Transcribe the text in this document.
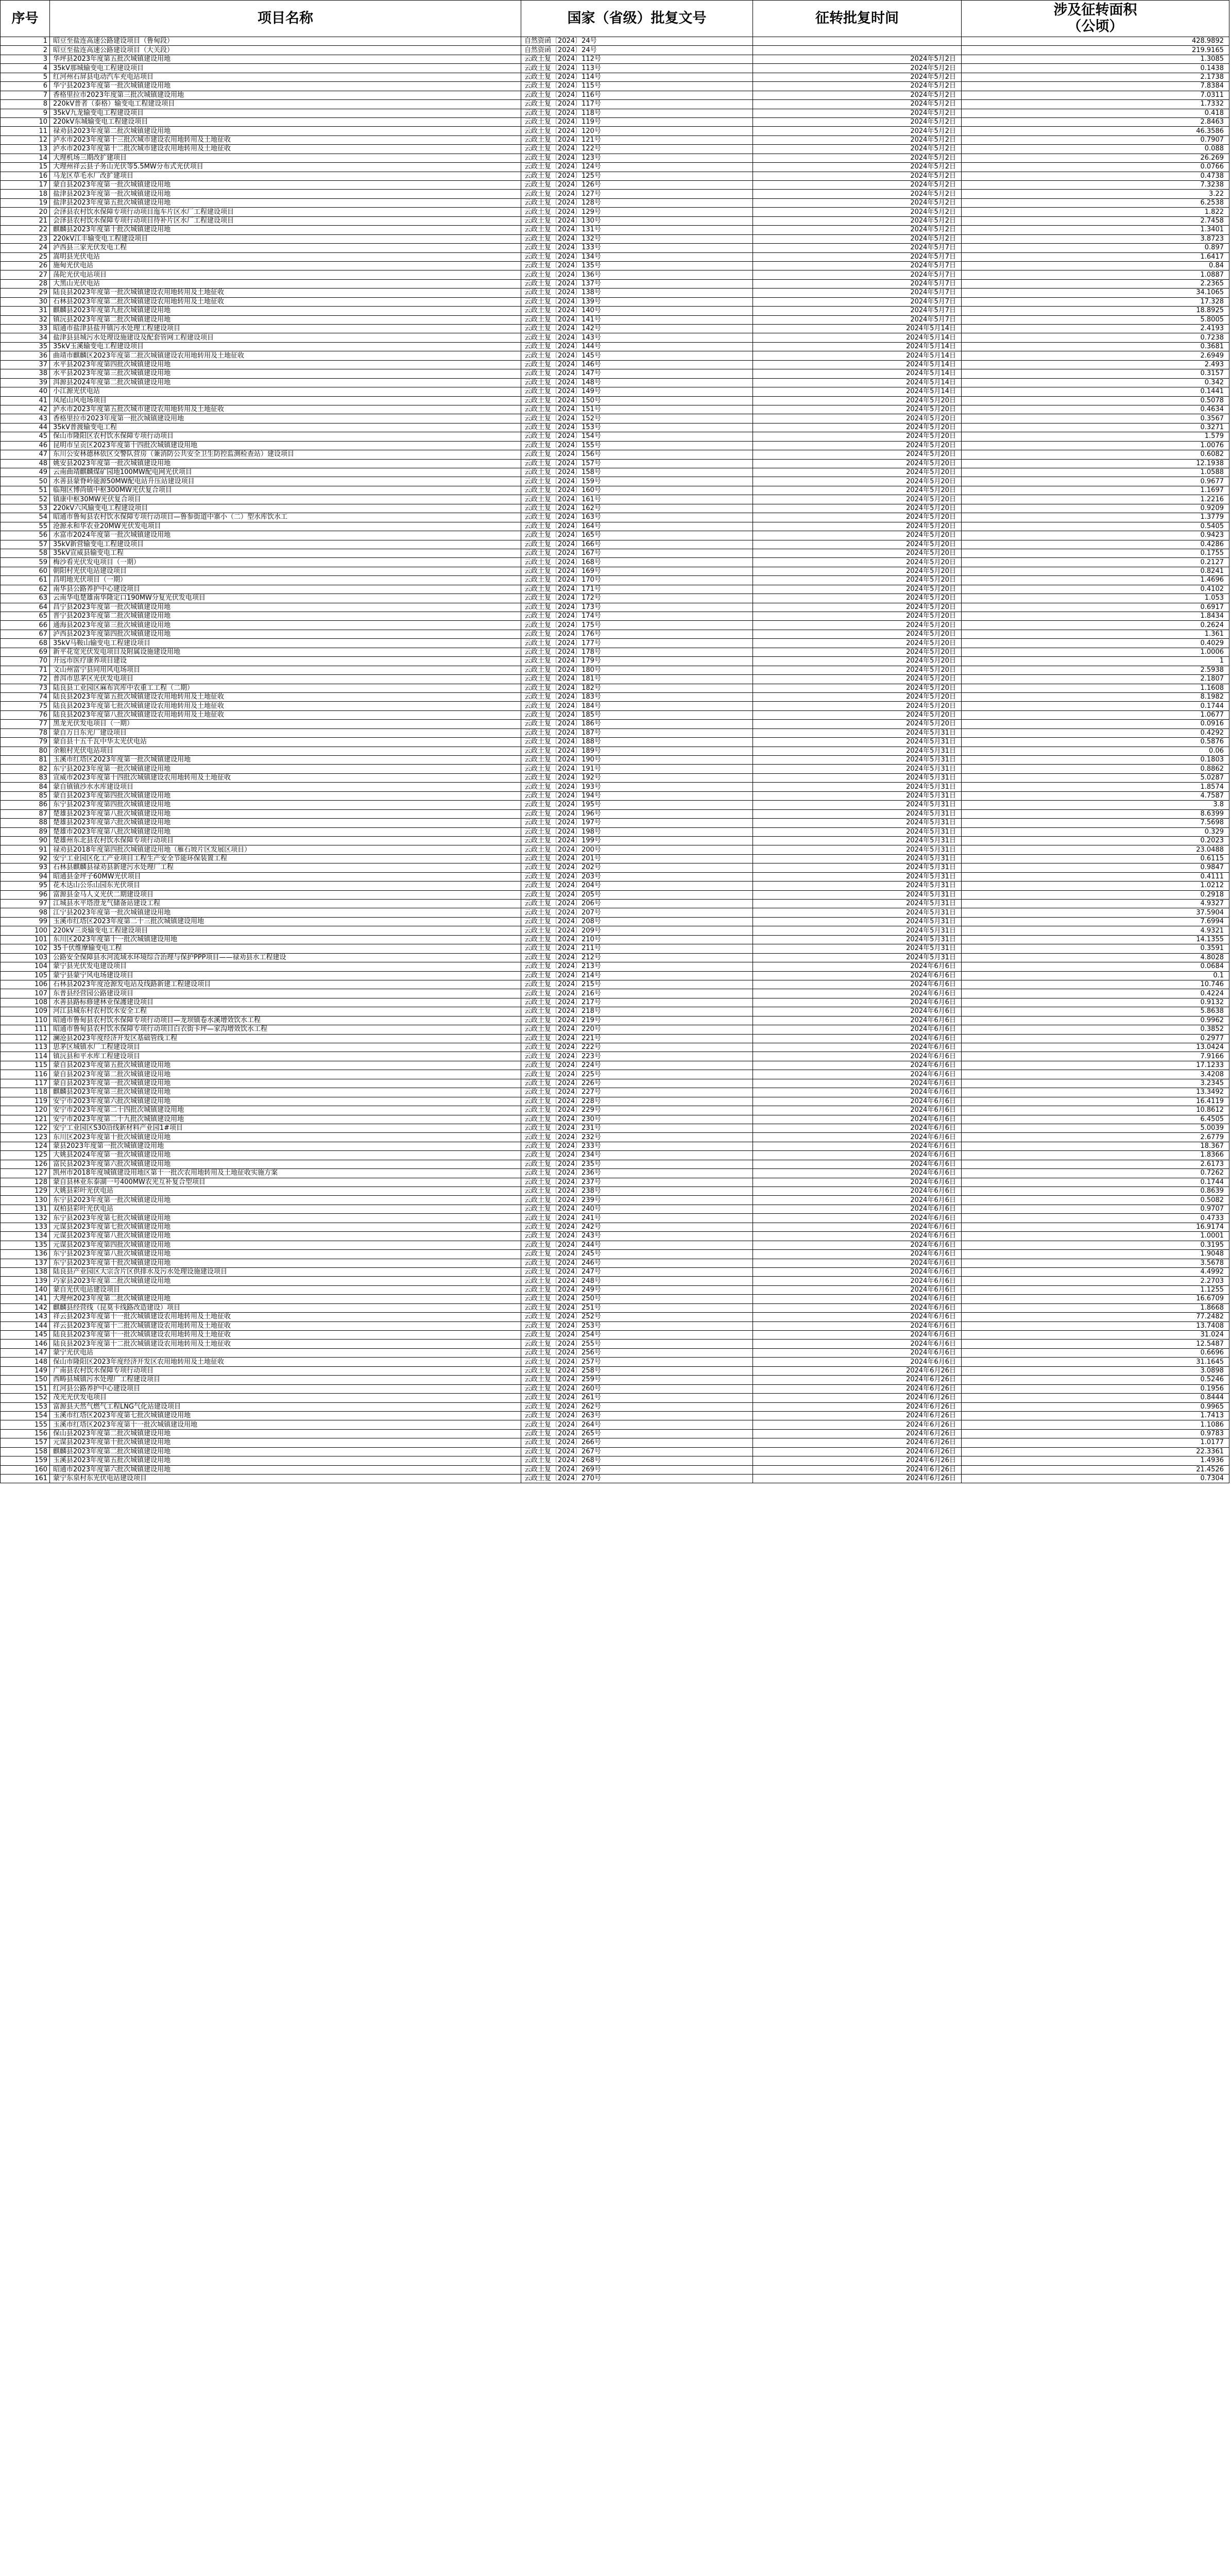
序号	项目名称	国家（省级）批复文号	征转批复时间	涉及征转面积
（公顷）

1	昭豆至盐连高速公路建设项目（鲁甸段）	自然资函〔2024〕24号		428.9892
2	昭豆至盐连高速公路建设项目（大关段）	自然资函〔2024〕24号		219.9165
3	华坪县2023年度第五批次城镇建设用地	云政土复〔2024〕112号	2024年5月2日	1.3085
4	35kV那城输变电工程建设项目	云政土复〔2024〕113号	2024年5月2日	0.1438
5	红河州石屏县电动汽车充电站项目	云政土复〔2024〕114号	2024年5月2日	2.1738
6	华宁县2023年度第一批次城镇建设用地	云政土复〔2024〕115号	2024年5月2日	7.8384
7	香格里拉市2023年度第三批次城镇建设用地	云政土复〔2024〕116号	2024年5月2日	7.0311
8	220kV普者（泰格）输变电工程建设项目	云政土复〔2024〕117号	2024年5月2日	1.7332
9	35kV九龙输变电工程建设项目	云政土复〔2024〕118号	2024年5月2日	0.418
10	220kV东城输变电工程建设项目	云政土复〔2024〕119号	2024年5月2日	2.8463
11	禄劝县2023年度第二批次城镇建设用地	云政土复〔2024〕120号	2024年5月2日	46.3586
12	泸水市2023年度第十三批次城市建设农用地转用及土地征收	云政土复〔2024〕121号	2024年5月2日	0.7907
13	泸水市2023年度第十二批次城市建设农用地转用及土地征收	云政土复〔2024〕122号	2024年5月2日	0.088
14	大理机场三期改扩建项目	云政土复〔2024〕123号	2024年5月2日	26.269
15	大理州祥云县子务山光伏等5.5MW分布式光伏项目	云政土复〔2024〕124号	2024年5月2日	0.0766
16	马龙区草毛水厂改扩建项目	云政土复〔2024〕125号	2024年5月2日	0.4738
17	蒙自县2023年度第一批次城镇建设用地	云政土复〔2024〕126号	2024年5月2日	7.3238
18	盐津县2023年度第一批次城镇建设用地	云政土复〔2024〕127号	2024年5月2日	3.22
19	盐津县2023年度第五批次城镇建设用地	云政土复〔2024〕128号	2024年5月2日	6.2538
20	会泽县农村饮水保障专项行动项目迤车片区水厂工程建设项目	云政土复〔2024〕129号	2024年5月2日	1.822
21	会泽县农村饮水保障专项行动项目待补片区水厂工程建设项目	云政土复〔2024〕130号	2024年5月2日	2.7458
22	麒麟县2023年度第十批次城镇建设用地	云政土复〔2024〕131号	2024年5月2日	1.3401
23	220kV江丰输变电工程建设项目	云政土复〔2024〕132号	2024年5月2日	3.8723
24	泸西县三家光伏发电工程	云政土复〔2024〕133号	2024年5月7日	0.897
25	嵩明县光伏电站	云政土复〔2024〕134号	2024年5月7日	1.6417
26	施甸光伏电站	云政土复〔2024〕135号	2024年5月7日	0.84
27	荡陀光伏电站项目	云政土复〔2024〕136号	2024年5月7日	1.0887
28	大黑山光伏电站	云政土复〔2024〕137号	2024年5月7日	2.2365
29	陆良县2023年度第一批次城镇建设农用地转用及土地征收	云政土复〔2024〕138号	2024年5月7日	34.1065
30	石林县2023年度第二批次城镇建设农用地转用及土地征收	云政土复〔2024〕139号	2024年5月7日	17.328
31	麒麟县2023年度第九批次城镇建设用地	云政土复〔2024〕140号	2024年5月7日	18.8925
32	镇沅县2023年度第二批次城镇建设用地	云政土复〔2024〕141号	2024年5月7日	5.8005
33	昭通市盐津县盐井镇污水处理工程建设项目	云政土复〔2024〕142号	2024年5月14日	2.4193
34	盐津县县城污水处理设施建设及配套管网工程建设项目	云政土复〔2024〕143号	2024年5月14日	0.7238
35	35kV玉溪输变电工程建设项目	云政土复〔2024〕144号	2024年5月14日	0.3681
36	曲靖市麒麟区2023年度第二批次城镇建设农用地转用及土地征收	云政土复〔2024〕145号	2024年5月14日	2.6949
37	水平县2023年度第四批次城镇建设用地	云政土复〔2024〕146号	2024年5月14日	2.493
38	水平县2023年度第三批次城镇建设用地	云政土复〔2024〕147号	2024年5月14日	0.3157
39	洱源县2024年度第二批次城镇建设用地	云政土复〔2024〕148号	2024年5月14日	0.342
40	小江源光伏电站	云政土复〔2024〕149号	2024年5月14日	0.1441
41	凤尾山风电场项目	云政土复〔2024〕150号	2024年5月20日	0.5078
42	泸水市2023年度第五批次城市建设农用地转用及土地征收	云政土复〔2024〕151号	2024年5月20日	0.4634
43	香格里拉市2023年度第一批次城镇建设用地	云政土复〔2024〕152号	2024年5月20日	0.3567
44	35kV普渡输变电工程	云政土复〔2024〕153号	2024年5月20日	0.3271
45	保山市隆阳区农村饮水保障专项行动项目	云政土复〔2024〕154号	2024年5月20日	1.579
46	昆明市呈贡区2023年度第十四批次城镇建设用地	云政土复〔2024〕155号	2024年5月20日	1.0076
47	东川公安林德林依区交警队营房（兼消防公共安全卫生防控监测检查站）建设项目	云政土复〔2024〕156号	2024年5月20日	0.6082
48	姚安县2023年度第一批次城镇建设用地	云政土复〔2024〕157号	2024年5月20日	12.1938
49	云南曲靖麒麟煤矿园地100MW配电网光伏项目	云政土复〔2024〕158号	2024年5月20日	1.0588
50	水善县蒙脊岭能源50MW配电站升压站建设项目	云政土复〔2024〕159号	2024年5月20日	0.9677
51	临翔区博尚镇中枢300MW光伏复合项目	云政土复〔2024〕160号	2024年5月20日	1.1697
52	镇康中枢30MW光伏复合项目	云政土复〔2024〕161号	2024年5月20日	1.2216
53	220kV六风输变电工程建设项目	云政土复〔2024〕162号	2024年5月20日	0.9209
54	昭通市鲁甸县农村饮水保障专项行动项目—鲁参街道中寨小（二）型水库饮水工	云政土复〔2024〕163号	2024年5月20日	1.3779
55	沧源永和华农业20MW光伏发电项目	云政土复〔2024〕164号	2024年5月20日	0.5405
56	水富市2024年度第一批次城镇建设用地	云政土复〔2024〕165号	2024年5月20日	0.9423
57	35kV新营输变电工程建设项目	云政土复〔2024〕166号	2024年5月20日	0.4286
58	35kV宣威县输变电工程	云政土复〔2024〕167号	2024年5月20日	0.1755
59	梅沙看光伏发电项目（一期）	云政土复〔2024〕168号	2024年5月20日	0.2127
60	朝阳村光伏电站建设项目	云政土复〔2024〕169号	2024年5月20日	0.8241
61	昌明地光伏项目（一期）	云政土复〔2024〕170号	2024年5月20日	1.4696
62	南华县公路养护中心建设项目	云政土复〔2024〕171号	2024年5月20日	0.4102
63	云南华电楚雄南华隆定口190MW分复光伏发电项目	云政土复〔2024〕172号	2024年5月20日	1.053
64	昌宁县2023年度第一批次城镇建设用地	云政土复〔2024〕173号	2024年5月20日	0.6917
65	晋宁县2023年度第二批次城镇建设用地	云政土复〔2024〕174号	2024年5月20日	1.8434
66	通海县2023年度第三批次城镇建设用地	云政土复〔2024〕175号	2024年5月20日	0.2624
67	泸西县2023年度第四批次城镇建设用地	云政土复〔2024〕176号	2024年5月20日	1.361
68	35kV马鞍山输变电工程建设项目	云政土复〔2024〕177号	2024年5月20日	0.4029
69	新平花宽光伏发电项目及附属设施建设用地	云政土复〔2024〕178号	2024年5月20日	1.0006
70	开远市医疗康养项目建设	云政土复〔2024〕179号	2024年5月20日	1
71	文山州富宁县同用风电场项目	云政土复〔2024〕180号	2024年5月20日	2.5938
72	普洱市思茅区光伏发电项目	云政土复〔2024〕181号	2024年5月20日	2.1807
73	陆良县工业园区麻布宾库中农重工工程（二期）	云政土复〔2024〕182号	2024年5月20日	1.1608
74	陆良县2023年度第五批次城镇建设农用地转用及土地征收	云政土复〔2024〕183号	2024年5月20日	8.1982
75	陆良县2023年度第七批次城镇建设农用地转用及土地征收	云政土复〔2024〕184号	2024年5月20日	0.1744
76	陆良县2023年度第八批次城镇建设农用地转用及土地征收	云政土复〔2024〕185号	2024年5月20日	1.0677
77	黑龙光伏发电项目（一期）	云政土复〔2024〕186号	2024年5月20日	0.0916
78	蒙自万日东光厂建设项目	云政土复〔2024〕187号	2024年5月31日	0.4292
79	蒙自县十五千瓦中华太光伏电站	云政土复〔2024〕188号	2024年5月31日	0.5876
80	余粮村光伏电站项目	云政土复〔2024〕189号	2024年5月31日	0.06
81	玉溪市红塔区2023年度第一批次城镇建设用地	云政土复〔2024〕190号	2024年5月31日	0.1803
82	东宁县2023年度第一批次城镇建设用地	云政土复〔2024〕191号	2024年5月31日	0.8862
83	宣威市2023年度第十四批次城镇建设农用地转用及土地征收	云政土复〔2024〕192号	2024年5月31日	5.0287
84	蒙自镇镇沙水水库建设项目	云政土复〔2024〕193号	2024年5月31日	1.8574
85	蒙自县2023年度第四批次城镇建设用地	云政土复〔2024〕194号	2024年5月31日	4.7587
86	东宁县2023年度第四批次城镇建设用地	云政土复〔2024〕195号	2024年5月31日	3.8
87	楚雄县2023年度第八批次城镇建设用地	云政土复〔2024〕196号	2024年5月31日	8.6399
88	楚雄县2023年度第六批次城镇建设用地	云政土复〔2024〕197号	2024年5月31日	7.5698
89	楚雄市2023年度第八批次城镇建设用地	云政土复〔2024〕198号	2024年5月31日	0.329
90	楚雄州东北县农村饮水保障专项行动项目	云政土复〔2024〕199号	2024年5月31日	0.2023
91	禄劝县2018年度第四批次城镇建设用地（雁石坡片区发展区项目）	云政土复〔2024〕200号	2024年5月31日	23.0488
92	安宁工业园区化工产业项目工程生产安全节能环保装置工程	云政土复〔2024〕201号	2024年5月31日	0.6115
93	石林县麒麟县禄劝县新建污水处理厂工程	云政土复〔2024〕202号	2024年5月31日	0.9847
94	昭通县金坪子60MW光伏项目	云政土复〔2024〕203号	2024年5月31日	0.4111
95	花木达山公乐山园东光伏项目	云政土复〔2024〕204号	2024年5月31日	1.0212
96	富源县金马人义光伏二期建设项目	云政土复〔2024〕205号	2024年5月31日	0.2918
97	江城县水平塔澄龙气储备站建设工程	云政土复〔2024〕206号	2024年5月31日	4.9327
98	江宁县2023年度第一批次城镇建设用地	云政土复〔2024〕207号	2024年5月31日	37.5904
99	玉溪市红塔区2023年度第二十三批次城镇建设用地	云政土复〔2024〕208号	2024年5月31日	7.6994
100	220kV三炎输变电工程建设项目	云政土复〔2024〕209号	2024年5月31日	4.9321
101	东川区2023年度第十一批次城镇建设用地	云政土复〔2024〕210号	2024年5月31日	14.1355
102	35千伏维摩输变电工程	云政土复〔2024〕211号	2024年5月31日	0.3591
103	公路安全保障县水河流域水环境综合治理与保护PPP项目——禄劝县水工程建设	云政土复〔2024〕212号	2024年5月31日	4.8028
104	蒙宁县光伏发电建设项目	云政土复〔2024〕213号	2024年6月6日	0.0684
105	蒙宁县蒙宁风电场建设项目	云政土复〔2024〕214号	2024年6月6日	0.1
106	石林县2023年度沧源发电站及线路新建工程建设项目	云政土复〔2024〕215号	2024年6月6日	10.746
107	东普县经营园公路建设项目	云政土复〔2024〕216号	2024年6月6日	0.4224
108	水善县路标修建林业保護建设项目	云政土复〔2024〕217号	2024年6月6日	0.9132
109	河江县城东村农村饮水安全工程	云政土复〔2024〕218号	2024年6月6日	5.8638
110	昭通市鲁甸县农村饮水保障专项行动项目—龙坝镇卷水溪增效饮水工程	云政土复〔2024〕219号	2024年6月6日	0.9962
111	昭通市鲁甸县农村饮水保障专项行动项目白衣街卡坪—家沟增效饮水工程	云政土复〔2024〕220号	2024年6月6日	0.3852
112	澜沧县2023年度经济开发区基础管线工程	云政土复〔2024〕221号	2024年6月6日	0.2977
113	思茅区城镇水厂工程建设项目	云政土复〔2024〕222号	2024年6月6日	13.0424
114	镇沅县和平水库工程建设项目	云政土复〔2024〕223号	2024年6月6日	7.9166
115	蒙自县2023年度第五批次城镇建设用地	云政土复〔2024〕224号	2024年6月6日	17.1233
116	蒙自县2023年度第二批次城镇建设用地	云政土复〔2024〕225号	2024年6月6日	3.4208
117	蒙自县2023年度第一批次城镇建设用地	云政土复〔2024〕226号	2024年6月6日	3.2345
118	麒麟县2023年度第三批次城镇建设用地	云政土复〔2024〕227号	2024年6月6日	13.3492
119	安宁市2023年度第六批次城镇建设用地	云政土复〔2024〕228号	2024年6月6日	16.4119
120	安宁市2023年度第二十四批次城镇建设用地	云政土复〔2024〕229号	2024年6月6日	10.8612
121	安宁市2023年度第二十九批次城镇建设用地	云政土复〔2024〕230号	2024年6月6日	6.4505
122	安宁工业园区S30沿线新材料产业园1#项目	云政土复〔2024〕231号	2024年6月6日	5.0039
123	东川区2023年度第十批次城镇建设用地	云政土复〔2024〕232号	2024年6月6日	2.6779
124	蒙县2023年度第一批次城镇建设用地	云政土复〔2024〕233号	2024年6月6日	18.367
125	大姚县2024年度第一批次城镇建设用地	云政土复〔2024〕234号	2024年6月6日	1.8366
126	富民县2023年度第六批次城镇建设用地	云政土复〔2024〕235号	2024年6月6日	2.6173
127	凯州市2018年度城镇建设用地区第十一批次农用地转用及土地征收实施方案	云政土复〔2024〕236号	2024年6月6日	0.7262
128	蒙自县林业东泰湖一号400MW农光互补复合型项目	云政土复〔2024〕237号	2024年6月6日	0.1744
129	大姚县彩叶光伏电站	云政土复〔2024〕238号	2024年6月6日	0.8639
130	东宁县2023年度第一批次城镇建设用地	云政土复〔2024〕239号	2024年6月6日	0.5082
131	双柏县彩叶光伏电站	云政土复〔2024〕240号	2024年6月6日	0.9707
132	东宁县2023年度第七批次城镇建设用地	云政土复〔2024〕241号	2024年6月6日	0.4733
133	元谋县2023年度第七批次城镇建设用地	云政土复〔2024〕242号	2024年6月6日	16.9174
134	元谋县2023年度第八批次城镇建设用地	云政土复〔2024〕243号	2024年6月6日	1.0001
135	元谋县2023年度第四批次城镇建设用地	云政土复〔2024〕244号	2024年6月6日	0.3195
136	东宁县2023年度第八批次城镇建设用地	云政土复〔2024〕245号	2024年6月6日	1.9048
137	东宁县2023年度第十批次城镇建设用地	云政土复〔2024〕246号	2024年6月6日	3.5678
138	陆良县产业园区大宗含片区供排水及污水处理设施建设项目	云政土复〔2024〕247号	2024年6月6日	4.4992
139	巧家县2023年度第二批次城镇建设用地	云政土复〔2024〕248号	2024年6月6日	2.2703
140	蒙自光伏电站建设项目	云政土复〔2024〕249号	2024年6月6日	1.1255
141	大理州2023年度第二批次城镇建设用地	云政土复〔2024〕250号	2024年6月6日	16.6709
142	麒麟县经营线（昆莫卡线路改造建设）项目	云政土复〔2024〕251号	2024年6月6日	1.8668
143	祥云县2023年度第十一批次城镇建设农用地转用及土地征收	云政土复〔2024〕252号	2024年6月6日	77.2482
144	祥云县2023年度第十二批次城镇建设农用地转用及土地征收	云政土复〔2024〕253号	2024年6月6日	13.7408
145	陆良县2023年度第十一批次城镇建设农用地转用及土地征收	云政土复〔2024〕254号	2024年6月6日	31.024
146	陆良县2023年度第十二批次城镇建设农用地转用及土地征收	云政土复〔2024〕255号	2024年6月6日	12.5487
147	蒙宁光伏电站	云政土复〔2024〕256号	2024年6月6日	0.6696
148	保山市隆阳区2023年度经济开发区农用地转用及土地征收	云政土复〔2024〕257号	2024年6月6日	31.1645
149	广南县农村饮水保障专项行动项目	云政土复〔2024〕258号	2024年6月26日	3.0898
150	西畴县城镇污水处理厂工程建设项目	云政土复〔2024〕259号	2024年6月26日	0.5246
151	红河县公路养护中心建设项目	云政土复〔2024〕260号	2024年6月26日	0.1956
152	茂光光伏发电项目	云政土复〔2024〕261号	2024年6月26日	0.8444
153	富源县天然气燃气工程LNG气化站建设项目	云政土复〔2024〕262号	2024年6月26日	0.9965
154	玉溪市红塔区2023年度第七批次城镇建设用地	云政土复〔2024〕263号	2024年6月26日	1.7413
155	玉溪市红塔区2023年度第十一批次城镇建设用地	云政土复〔2024〕264号	2024年6月26日	1.1086
156	保山县2023年度第二批次城镇建设用地	云政土复〔2024〕265号	2024年6月26日	0.9783
157	元谋县2023年度第十批次城镇建设用地	云政土复〔2024〕266号	2024年6月26日	1.0177
158	麒麟县2023年度第二批次城镇建设用地	云政土复〔2024〕267号	2024年6月26日	22.3361
159	玉溪县2023年度第五批次城镇建设用地	云政土复〔2024〕268号	2024年6月26日	1.4936
160	昭通市2023年度第六批次城镇建设用地	云政土复〔2024〕269号	2024年6月26日	21.4526
161	蒙宁东泉村东光伏电站建设项目	云政土复〔2024〕270号	2024年6月26日	0.7304
